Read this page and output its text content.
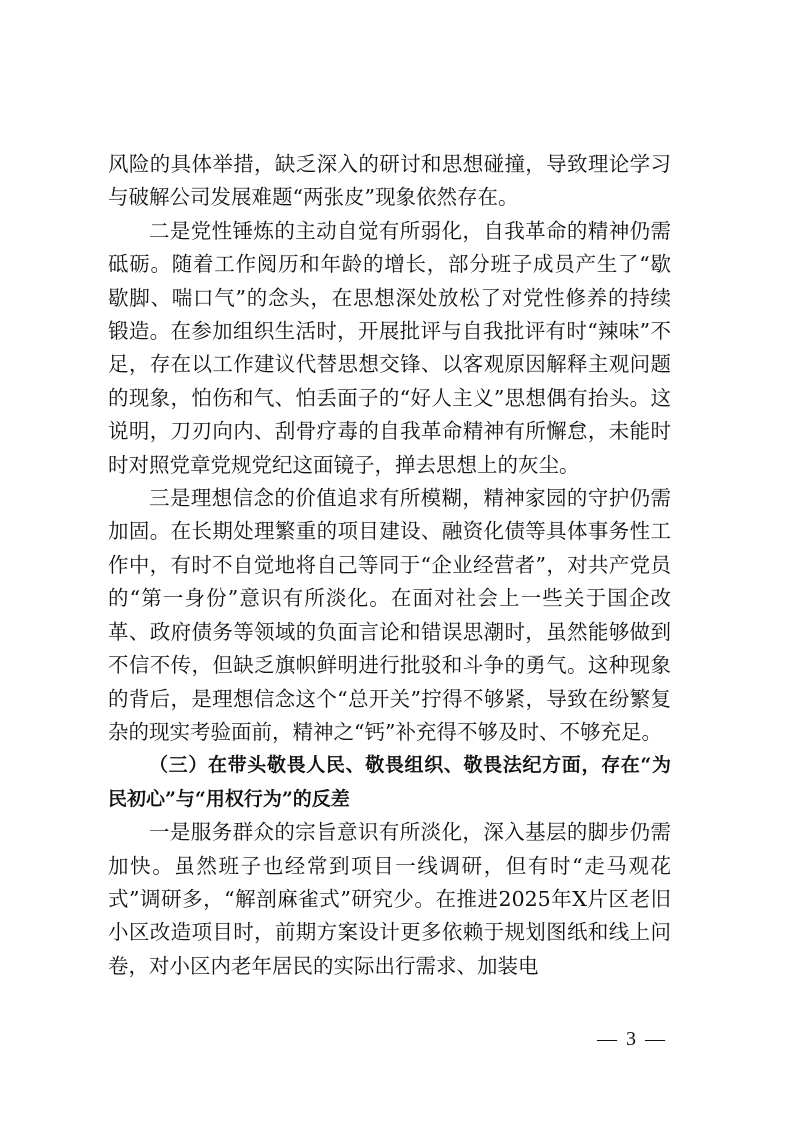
风险的具体举措，缺乏深入的研讨和思想碰撞，导致理论学习与破解公司发展难题“两张皮”现象依然存在。

二是党性锤炼的主动自觉有所弱化，自我革命的精神仍需砥砺。随着工作阅历和年龄的增长，部分班子成员产生了“歇歇脚、喘口气”的念头，在思想深处放松了对党性修养的持续锻造。在参加组织生活时，开展批评与自我批评有时“辣味”不足，存在以工作建议代替思想交锋、以客观原因解释主观问题的现象，怕伤和气、怕丢面子的“好人主义”思想偶有抬头。这说明，刀刃向内、刮骨疗毒的自我革命精神有所懈怠，未能时时对照党章党规党纪这面镜子，掸去思想上的灰尘。

三是理想信念的价值追求有所模糊，精神家园的守护仍需加固。在长期处理繁重的项目建设、融资化债等具体事务性工作中，有时不自觉地将自己等同于“企业经营者”，对共产党员的“第一身份”意识有所淡化。在面对社会上一些关于国企改革、政府债务等领域的负面言论和错误思潮时，虽然能够做到不信不传，但缺乏旗帜鲜明进行批驳和斗争的勇气。这种现象的背后，是理想信念这个“总开关”拧得不够紧，导致在纷繁复杂的现实考验面前，精神之“钙”补充得不够及时、不够充足。

（三）在带头敬畏人民、敬畏组织、敬畏法纪方面，存在“为民初心”与“用权行为”的反差

一是服务群众的宗旨意识有所淡化，深入基层的脚步仍需加快。虽然班子也经常到项目一线调研，但有时“走马观花式”调研多，“解剖麻雀式”研究少。在推进2025年X片区老旧小区改造项目时，前期方案设计更多依赖于规划图纸和线上问卷，对小区内老年居民的实际出行需求、加装电

— 3 —
